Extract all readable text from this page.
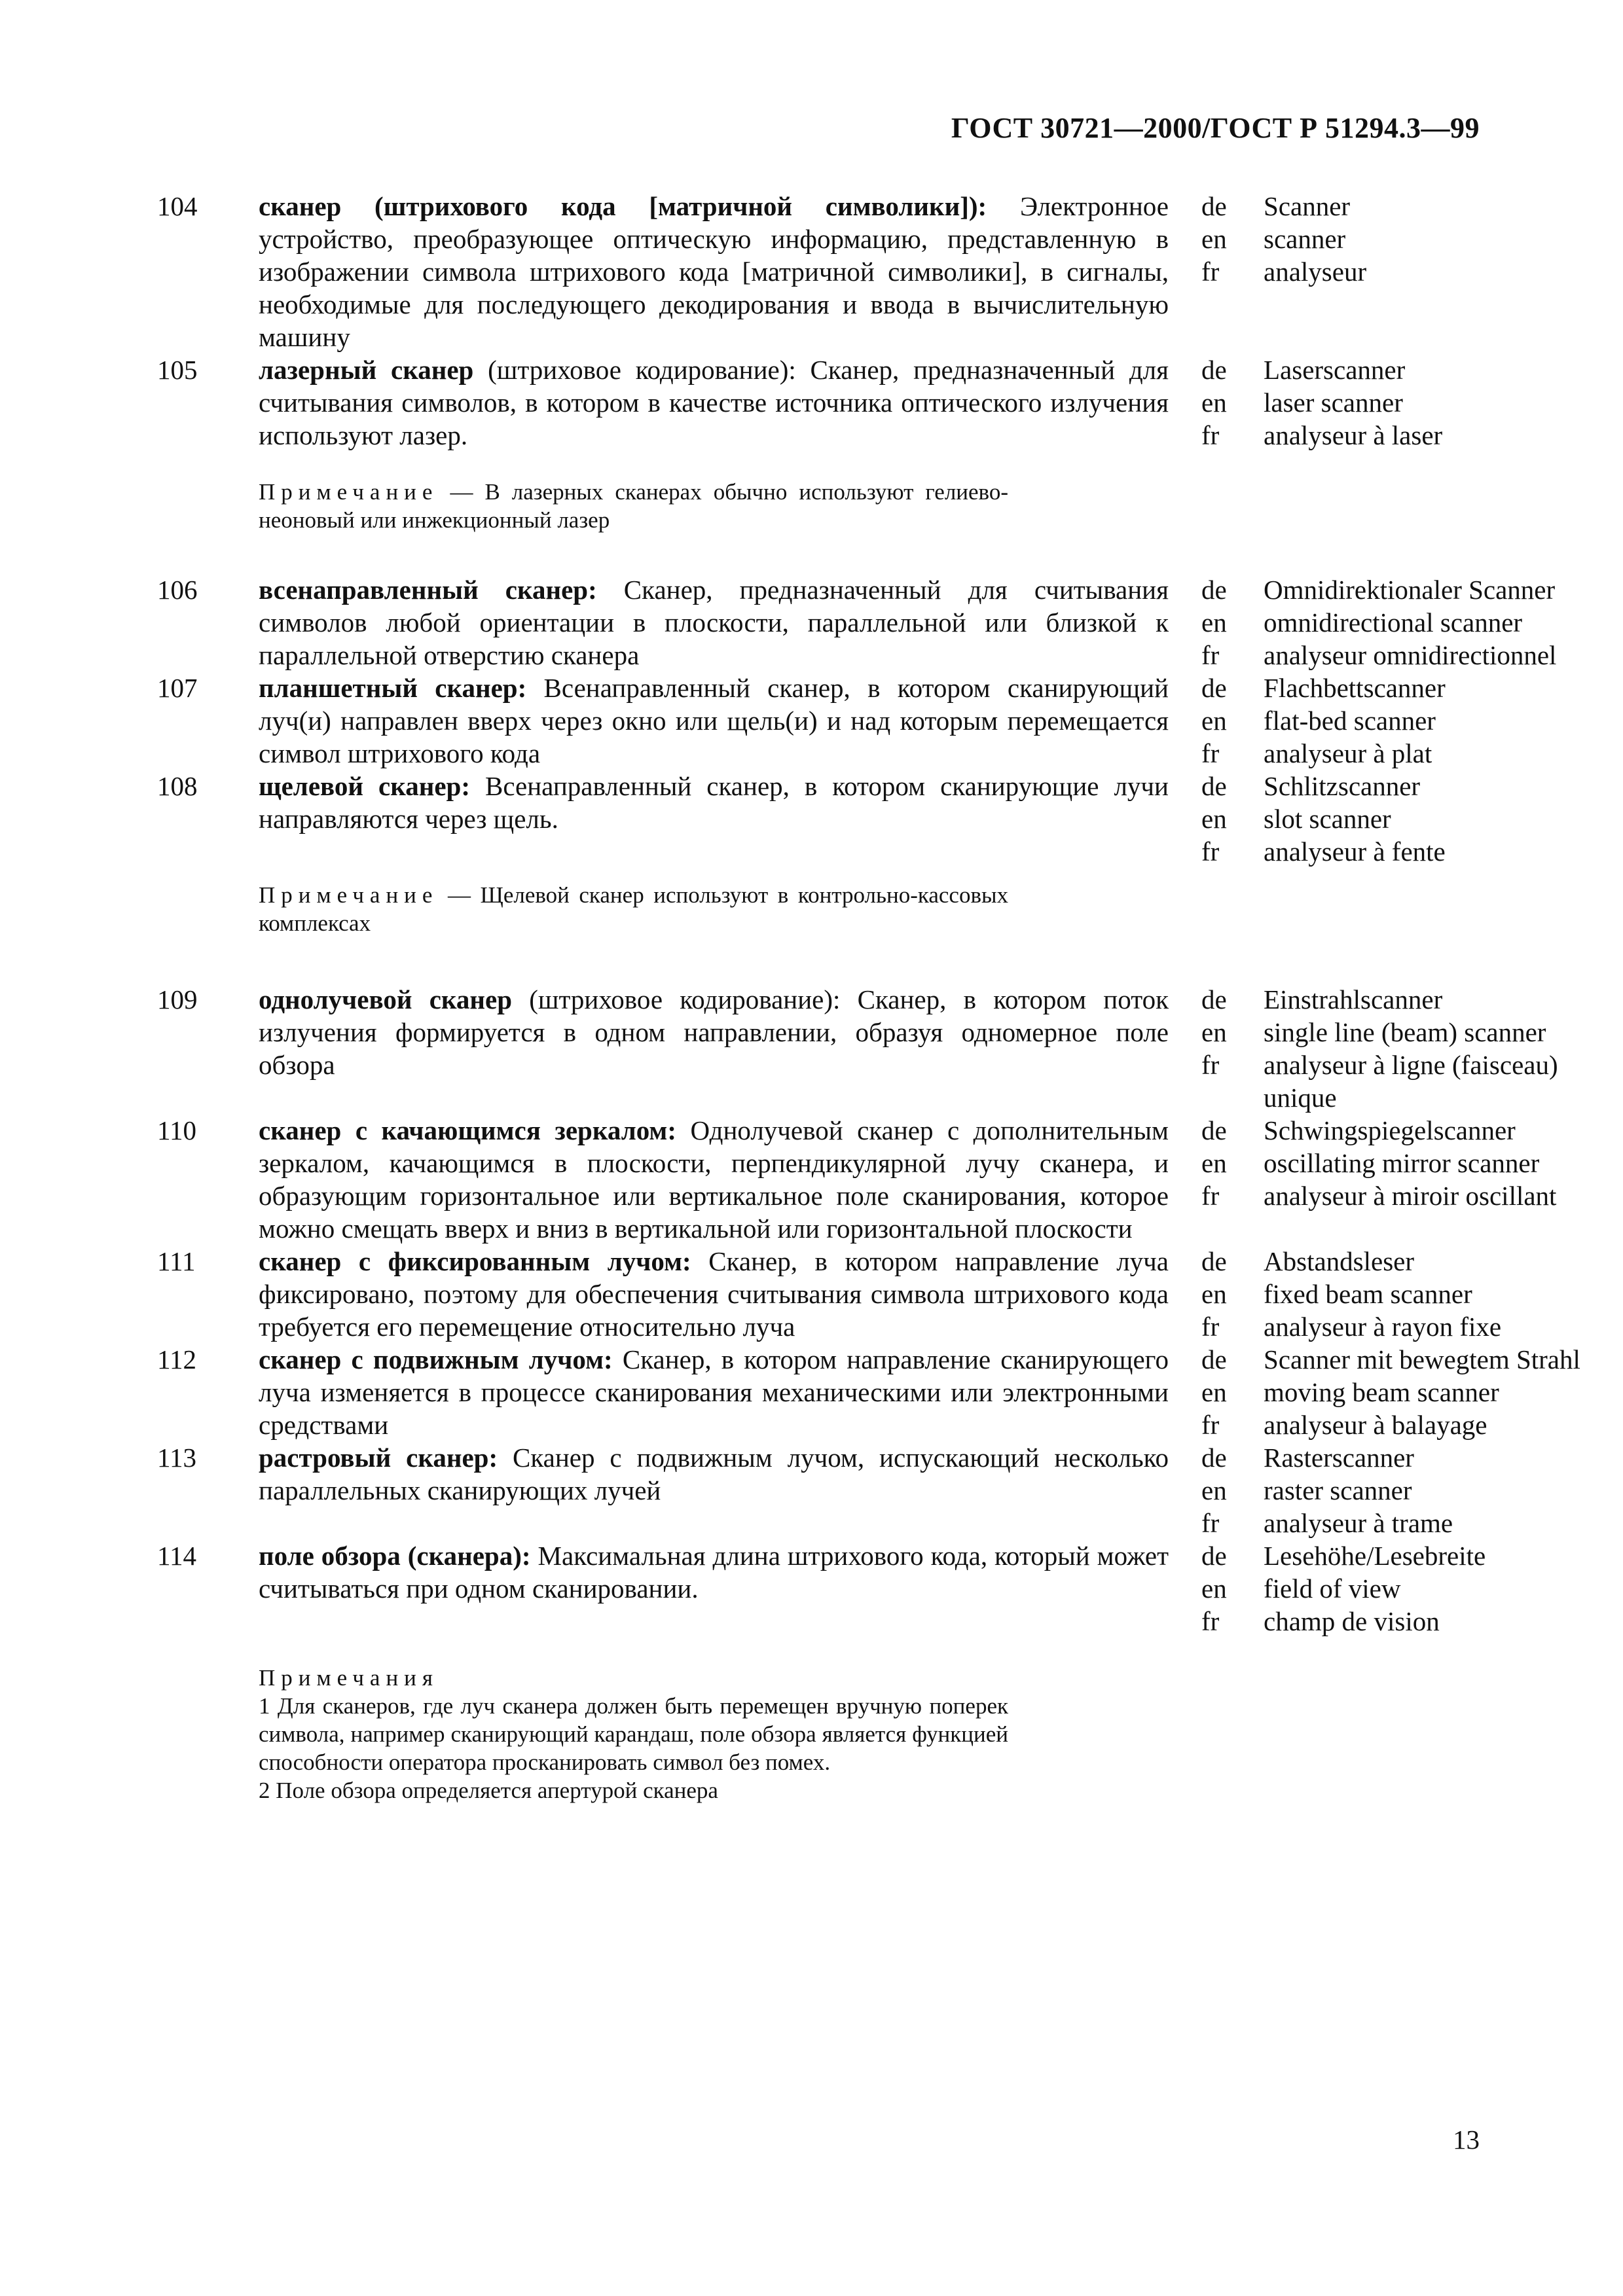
ГОСТ 30721—2000/ГОСТ Р 51294.3—99
104	сканер (штрихового кода [матричной символики]): Электронное устройство, преобразующее оптическую информацию, представленную в изображении символа штрихового кода [матричной символики], в сигналы, необходимые для последующего декодирования и ввода в вычислительную машину
de	Scanner
en	scanner
fr	analyseur
105	лазерный сканер (штриховое кодирование): Сканер, предназначенный для считывания символов, в котором в качестве источника оптического излучения используют лазер.
de	Laserscanner
en	laser scanner
fr	analyseur à laser
Примечание — В лазерных сканерах обычно используют гелиево-неоновый или инжекционный лазер
106	всенаправленный сканер: Сканер, предназначенный для считывания символов любой ориентации в плоскости, параллельной или близкой к параллельной отверстию сканера
de	Omnidirektionaler Scanner
en	omnidirectional scanner
fr	analyseur omnidirectionnel
107	планшетный сканер: Всенаправленный сканер, в котором сканирующий луч(и) направлен вверх через окно или щель(и) и над которым перемещается символ штрихового кода
de	Flachbettscanner
en	flat-bed scanner
fr	analyseur à plat
108	щелевой сканер: Всенаправленный сканер, в котором сканирующие лучи направляются через щель.
de	Schlitzscanner
en	slot scanner
fr	analyseur à fente
Примечание — Щелевой сканер используют в контрольно-кассовых комплексах
109	однолучевой сканер (штриховое кодирование): Сканер, в котором поток излучения формируется в одном направлении, образуя одномерное поле обзора
de	Einstrahlscanner
en	single line (beam) scanner
fr	analyseur à ligne (faisceau)
unique
110	сканер с качающимся зеркалом: Однолучевой сканер с дополнительным зеркалом, качающимся в плоскости, перпендикулярной лучу сканера, и образующим горизонтальное или вертикальное поле сканирования, которое можно смещать вверх и вниз в вертикальной или горизонтальной плоскости
de	Schwingspiegelscanner
en	oscillating mirror scanner
fr	analyseur à miroir oscillant
111	сканер с фиксированным лучом: Сканер, в котором направление луча фиксировано, поэтому для обеспечения считывания символа штрихового кода требуется его перемещение относительно луча
de	Abstandsleser
en	fixed beam scanner
fr	analyseur à rayon fixe
112	сканер с подвижным лучом: Сканер, в котором направление сканирующего луча изменяется в процессе сканирования механическими или электронными средствами
de	Scanner mit bewegtem Strahl
en	moving beam scanner
fr	analyseur à balayage
113	растровый сканер: Сканер с подвижным лучом, испускающий несколько параллельных сканирующих лучей
de	Rasterscanner
en	raster scanner
fr	analyseur à trame
114	поле обзора (сканера): Максимальная длина штрихового кода, который может считываться при одном сканировании.
de	Lesehöhe/Lesebreite
en	field of view
fr	champ de vision
Примечания
1 Для сканеров, где луч сканера должен быть перемещен вручную поперек символа, например сканирующий карандаш, поле обзора является функцией способности оператора просканировать символ без помех.
2 Поле обзора определяется апертурой сканера
13
